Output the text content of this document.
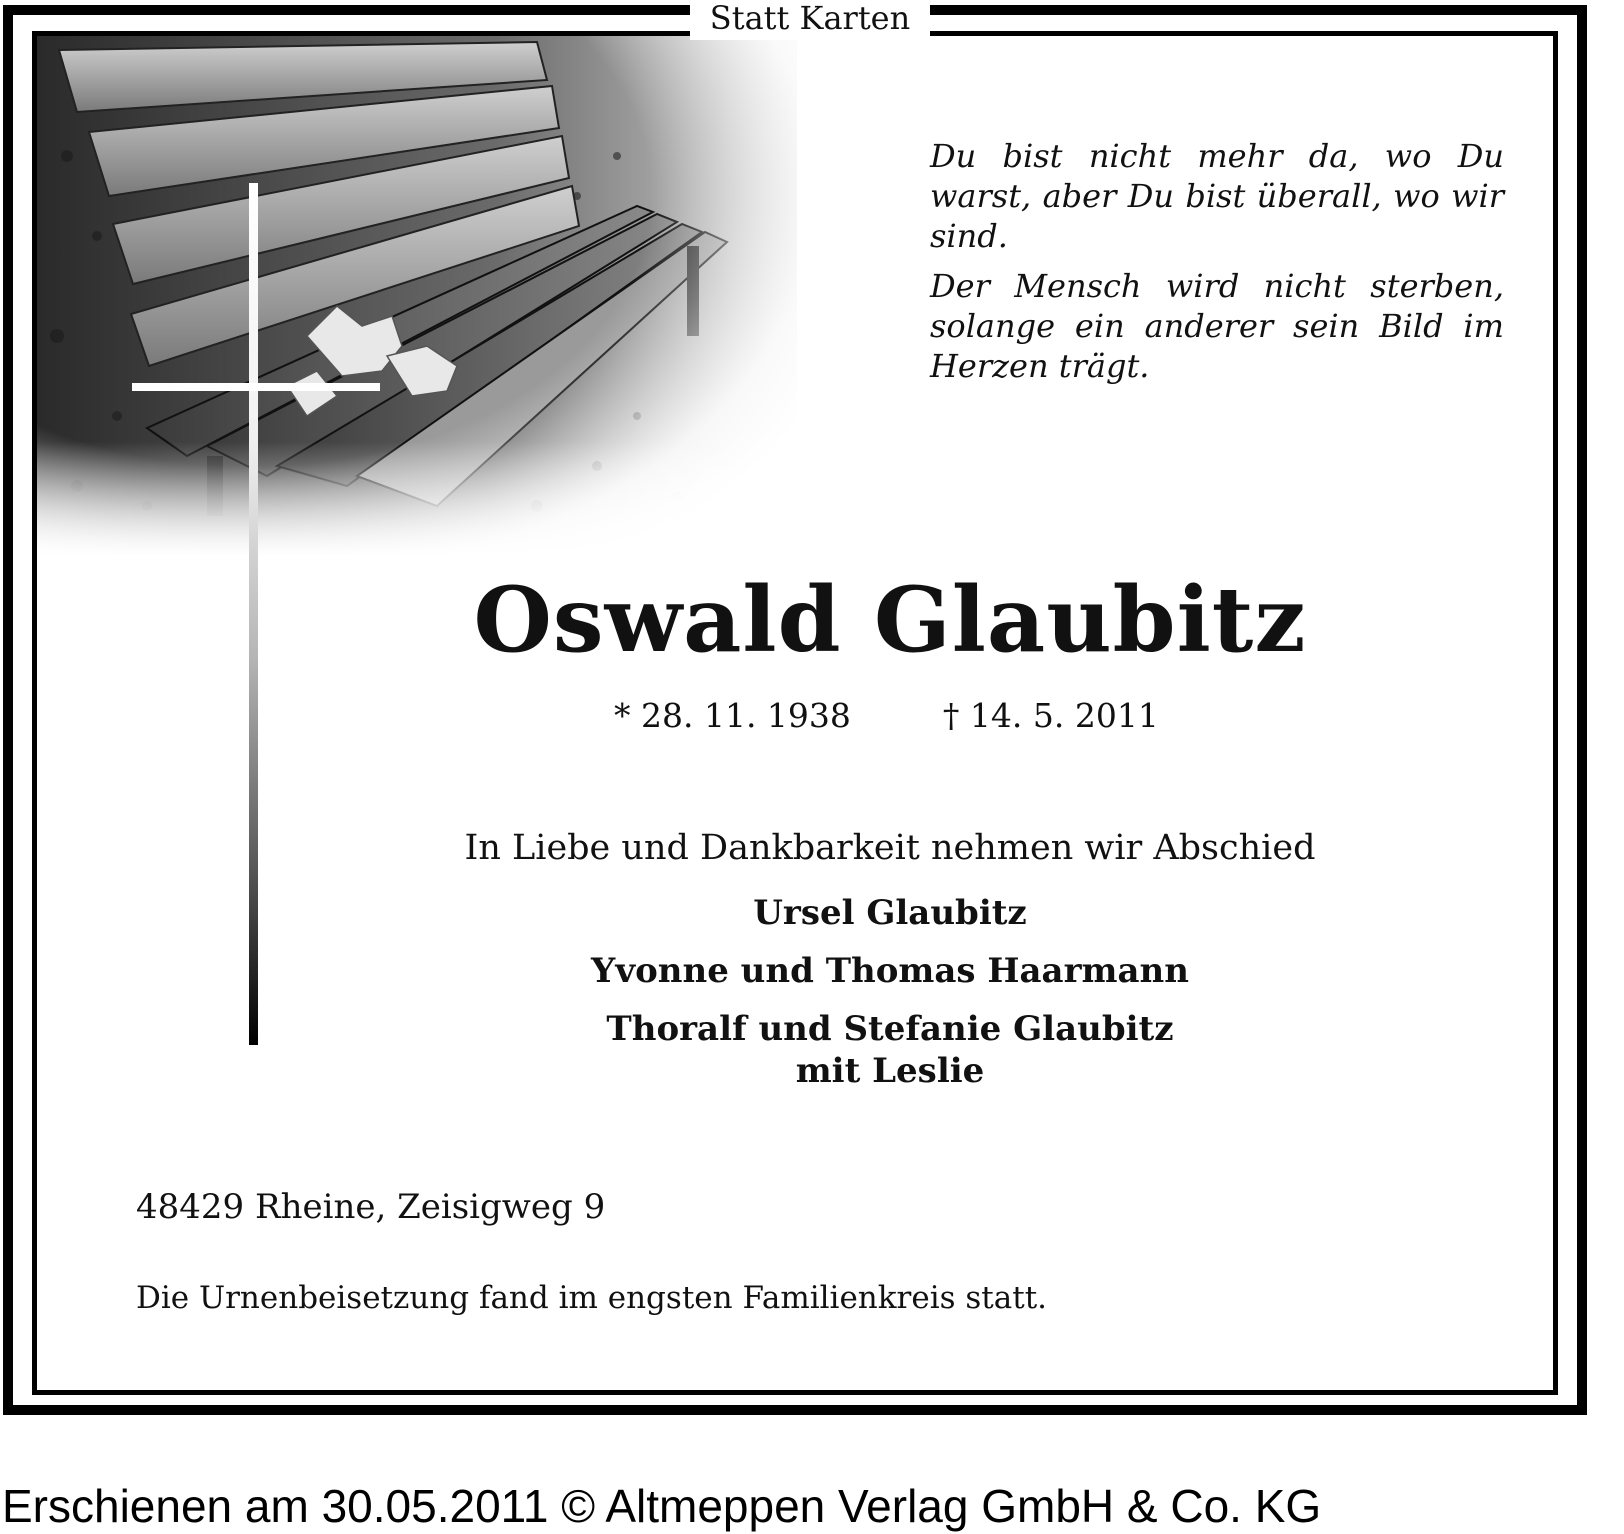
Statt Karten

Du bist nicht mehr da, wo Du warst, aber Du bist überall, wo wir sind.

Der Mensch wird nicht sterben, solange ein anderer sein Bild im Herzen trägt.

Oswald Glaubitz
* 28. 11. 1938	† 14. 5. 2011
In Liebe und Dankbarkeit nehmen wir Abschied
Ursel Glaubitz
Yvonne und Thomas Haarmann
Thoralf und Stefanie Glaubitz
mit Leslie
48429 Rheine, Zeisigweg 9
Die Urnenbeisetzung fand im engsten Familienkreis statt.
Erschienen am 30.05.2011 © Altmeppen Verlag GmbH & Co. KG
